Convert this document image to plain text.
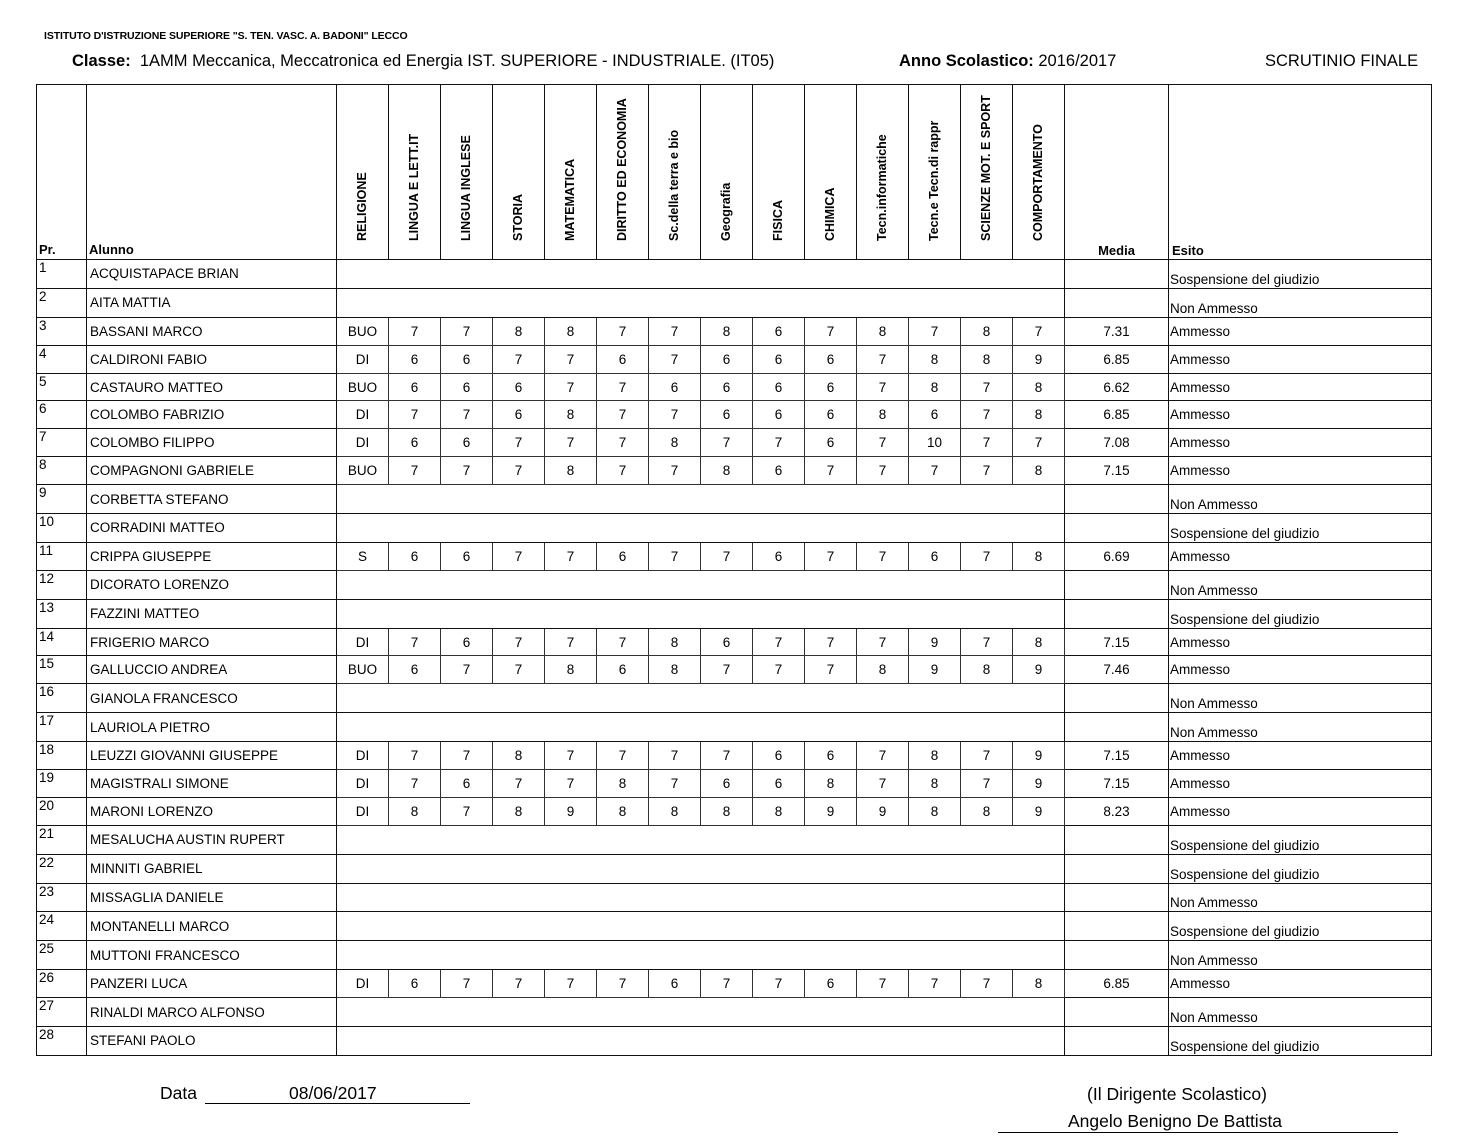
ISTITUTO D'ISTRUZIONE SUPERIORE "S. TEN. VASC. A. BADONI" LECCO
Classe: 1AMM Meccanica, Meccatronica ed Energia IST. SUPERIORE - INDUSTRIALE. (IT05)	Anno Scolastico: 2016/2017	SCRUTINIO FINALE
Pr.	Alunno	RELIGIONE	LINGUA E LETT.IT	LINGUA INGLESE	STORIA	MATEMATICA	DIRITTO ED ECONOMIA	Sc.della terra e bio	Geografia	FISICA	CHIMICA	Tecn.informatiche	Tecn.e Tecn.di rappr	SCIENZE MOT. E SPORT	COMPORTAMENTO	Media	Esito
1	ACQUISTAPACE BRIAN																Sospensione del giudizio
2	AITA MATTIA																Non Ammesso
3	BASSANI MARCO	BUO	7	7	8	8	7	7	8	6	7	8	7	8	7	7.31	Ammesso
4	CALDIRONI FABIO	DI	6	6	7	7	6	7	6	6	6	7	8	8	9	6.85	Ammesso
5	CASTAURO MATTEO	BUO	6	6	6	7	7	6	6	6	6	7	8	7	8	6.62	Ammesso
6	COLOMBO FABRIZIO	DI	7	7	6	8	7	7	6	6	6	8	6	7	8	6.85	Ammesso
7	COLOMBO FILIPPO	DI	6	6	7	7	7	8	7	7	6	7	10	7	7	7.08	Ammesso
8	COMPAGNONI GABRIELE	BUO	7	7	7	8	7	7	8	6	7	7	7	7	8	7.15	Ammesso
9	CORBETTA STEFANO																Non Ammesso
10	CORRADINI MATTEO																Sospensione del giudizio
11	CRIPPA GIUSEPPE	S	6	6	7	7	6	7	7	6	7	7	6	7	8	6.69	Ammesso
12	DICORATO LORENZO																Non Ammesso
13	FAZZINI MATTEO																Sospensione del giudizio
14	FRIGERIO MARCO	DI	7	6	7	7	7	8	6	7	7	7	9	7	8	7.15	Ammesso
15	GALLUCCIO ANDREA	BUO	6	7	7	8	6	8	7	7	7	8	9	8	9	7.46	Ammesso
16	GIANOLA FRANCESCO																Non Ammesso
17	LAURIOLA PIETRO																Non Ammesso
18	LEUZZI GIOVANNI GIUSEPPE	DI	7	7	8	7	7	7	7	6	6	7	8	7	9	7.15	Ammesso
19	MAGISTRALI SIMONE	DI	7	6	7	7	8	7	6	6	8	7	8	7	9	7.15	Ammesso
20	MARONI LORENZO	DI	8	7	8	9	8	8	8	8	9	9	8	8	9	8.23	Ammesso
21	MESALUCHA AUSTIN RUPERT																Sospensione del giudizio
22	MINNITI GABRIEL																Sospensione del giudizio
23	MISSAGLIA DANIELE																Non Ammesso
24	MONTANELLI MARCO																Sospensione del giudizio
25	MUTTONI FRANCESCO																Non Ammesso
26	PANZERI LUCA	DI	6	7	7	7	7	6	7	7	6	7	7	7	8	6.85	Ammesso
27	RINALDI MARCO ALFONSO																Non Ammesso
28	STEFANI PAOLO																Sospensione del giudizio
Data	08/06/2017	(Il Dirigente Scolastico)
Angelo Benigno De Battista
